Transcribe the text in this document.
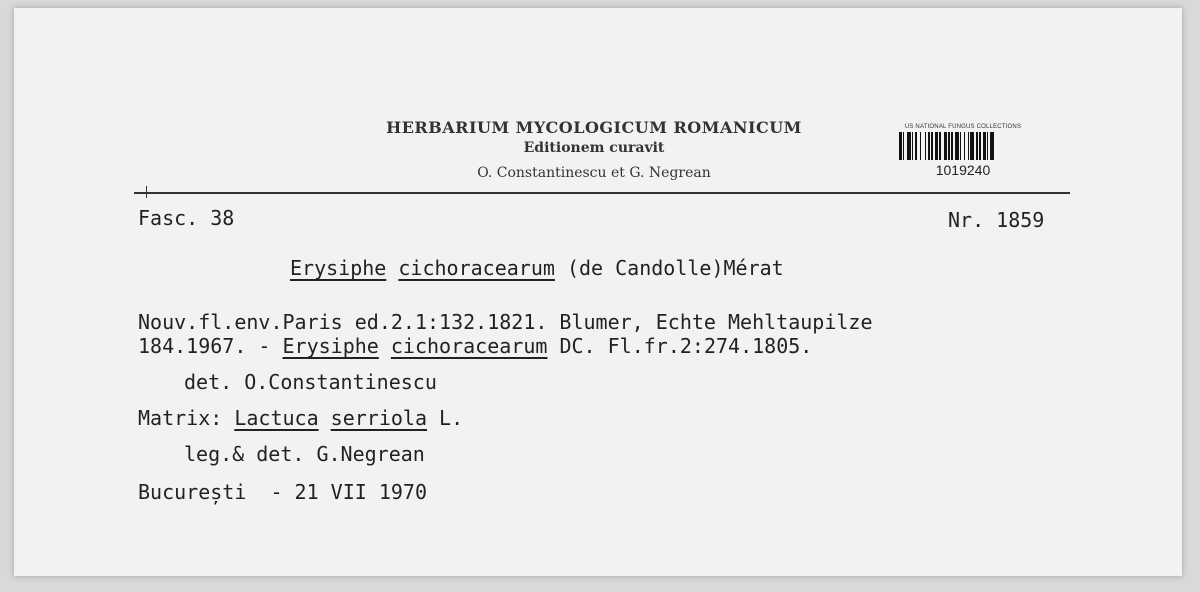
HERBARIUM MYCOLOGICUM ROMANICUM
Editionem curavit
O. Constantinescu et G. Negrean
US NATIONAL FUNGUS COLLECTIONS
1019240
Fasc. 38	Nr. 1859
Erysiphe cichoracearum (de Candolle)Mérat
Nouv.fl.env.Paris ed.2.1:132.1821. Blumer, Echte Mehltaupilze
184.1967. - Erysiphe cichoracearum DC. Fl.fr.2:274.1805.
det. O.Constantinescu
Matrix: Lactuca serriola L.
leg.& det. G.Negrean
București  - 21 VII 1970
